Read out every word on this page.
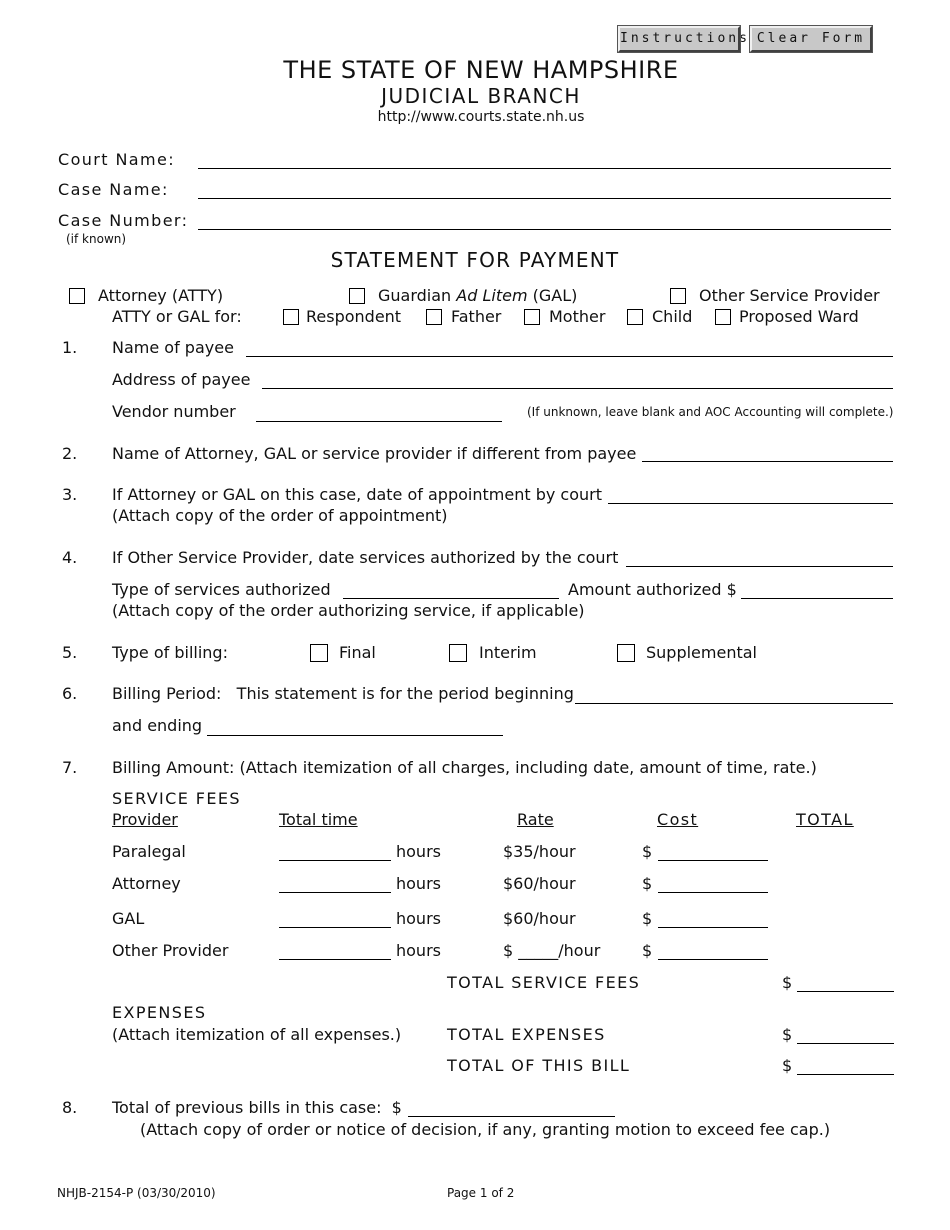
Instructions Clear Form
THE STATE OF NEW HAMPSHIRE
JUDICIAL BRANCH
http://www.courts.state.nh.us
Court Name:
Case Name:
Case Number:
(if known)
STATEMENT FOR PAYMENT
Attorney (ATTY)	Guardian Ad Litem (GAL)	Other Service Provider
ATTY or GAL for:	Respondent	Father	Mother	Child	Proposed Ward
1. Name of payee
Address of payee
Vendor number	(If unknown, leave blank and AOC Accounting will complete.)
2. Name of Attorney, GAL or service provider if different from payee
3. If Attorney or GAL on this case, date of appointment by court
(Attach copy of the order of appointment)
4. If Other Service Provider, date services authorized by the court
Type of services authorized	Amount authorized $
(Attach copy of the order authorizing service, if applicable)
5. Type of billing:	Final	Interim	Supplemental
6. Billing Period:   This statement is for the period beginning
and ending
7. Billing Amount: (Attach itemization of all charges, including date, amount of time, rate.)
SERVICE FEES
Provider	Total time	Rate	Cost	TOTAL
Paralegal	hours	$35/hour	$
Attorney	hours	$60/hour	$
GAL	hours	$60/hour	$
Other Provider	hours	$ _____/hour	$
TOTAL SERVICE FEES	$
EXPENSES
(Attach itemization of all expenses.)	TOTAL EXPENSES	$
TOTAL OF THIS BILL	$
8. Total of previous bills in this case:  $
(Attach copy of order or notice of decision, if any, granting motion to exceed fee cap.)
NHJB-2154-P (03/30/2010)	Page 1 of 2
